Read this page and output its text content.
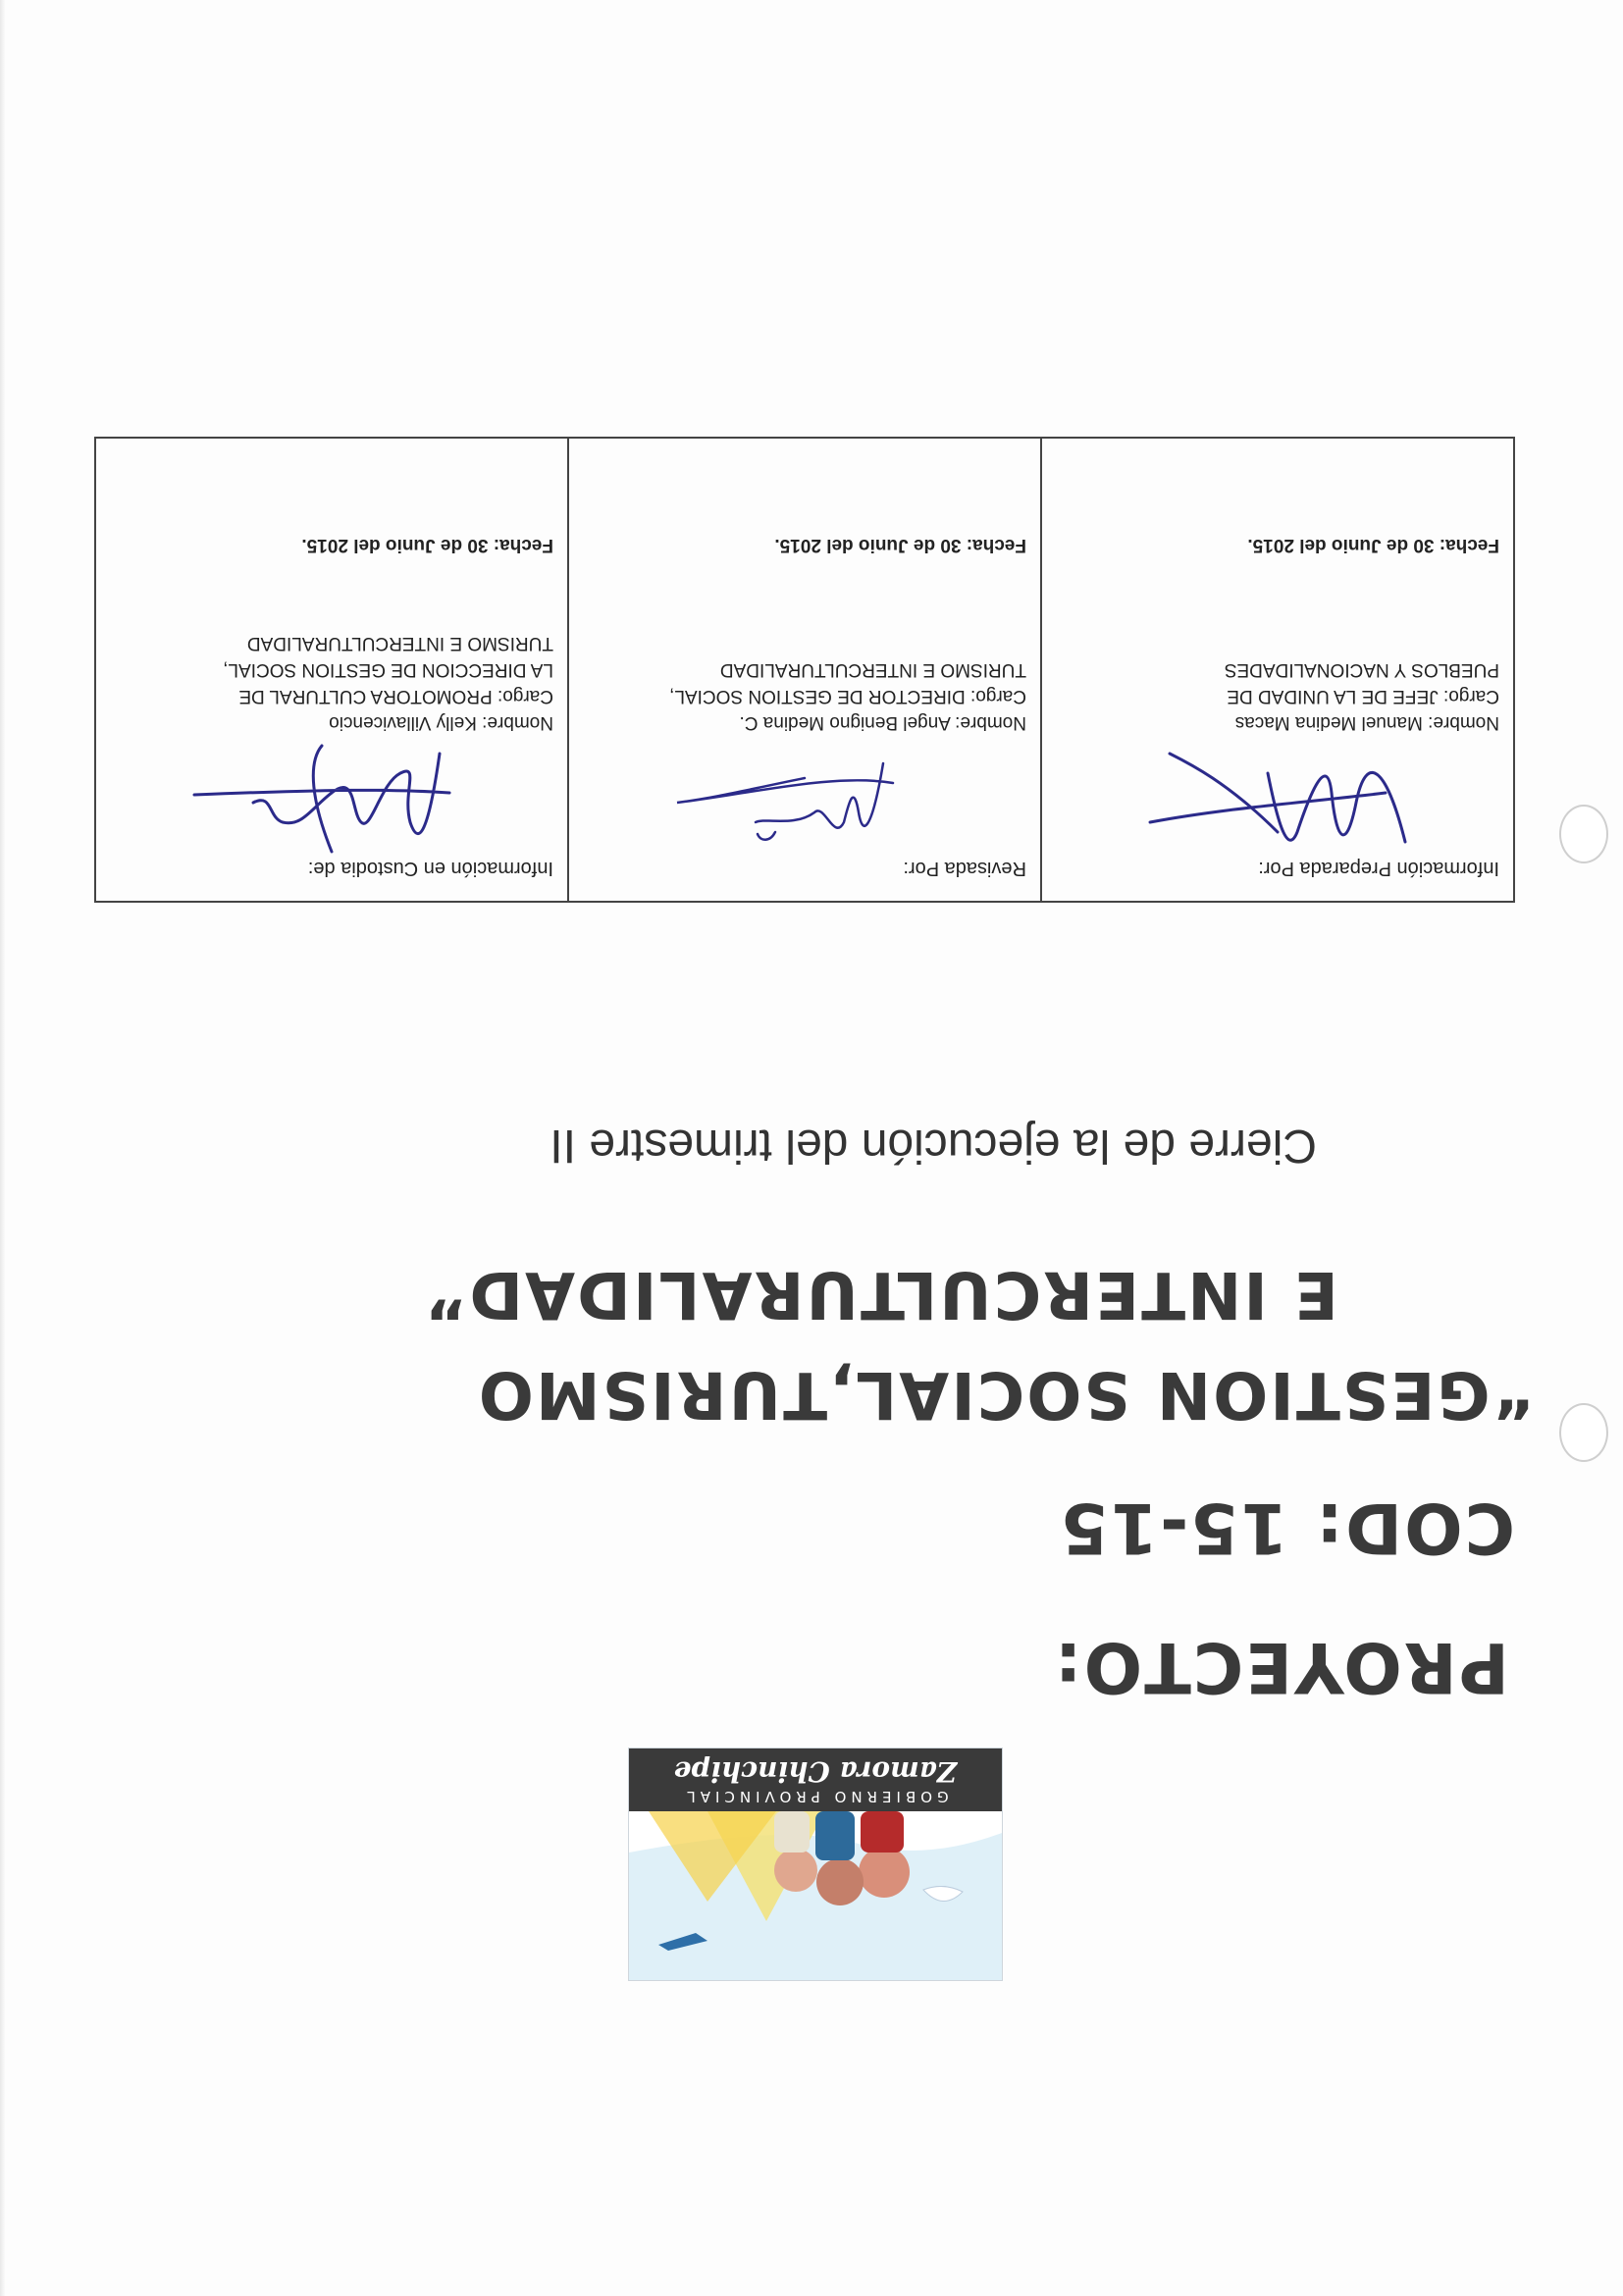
GOBIERNO PROVINCIAL
Zamora Chinchipe
PROYECTO:
COD: 15-15
“GESTION SOCIAL,TURISMO
E INTERCULTURALIDAD”
Cierre de la ejecución del trimestre II
Información Preparada Por:
Nombre: Manuel Medina Macas
Cargo: JEFE DE LA UNIDAD DE
PUEBLOS Y NACIONALIDADES
Fecha: 30 de Junio del 2015.
Revisada Por:
Nombre: Angel Benigno Medina C.
Cargo: DIRECTOR DE GESTION SOCIAL,
TURISMO E INTERCULTURALIDAD
Fecha: 30 de Junio del 2015.
Información en Custodia de:
Nombre: Kelly Villavicencio
Cargo: PROMOTORA CULTURAL DE
LA DIRECCION DE GESTION SOCIAL,
TURISMO E INTERCULTURALIDAD
Fecha: 30 de Junio del 2015.
